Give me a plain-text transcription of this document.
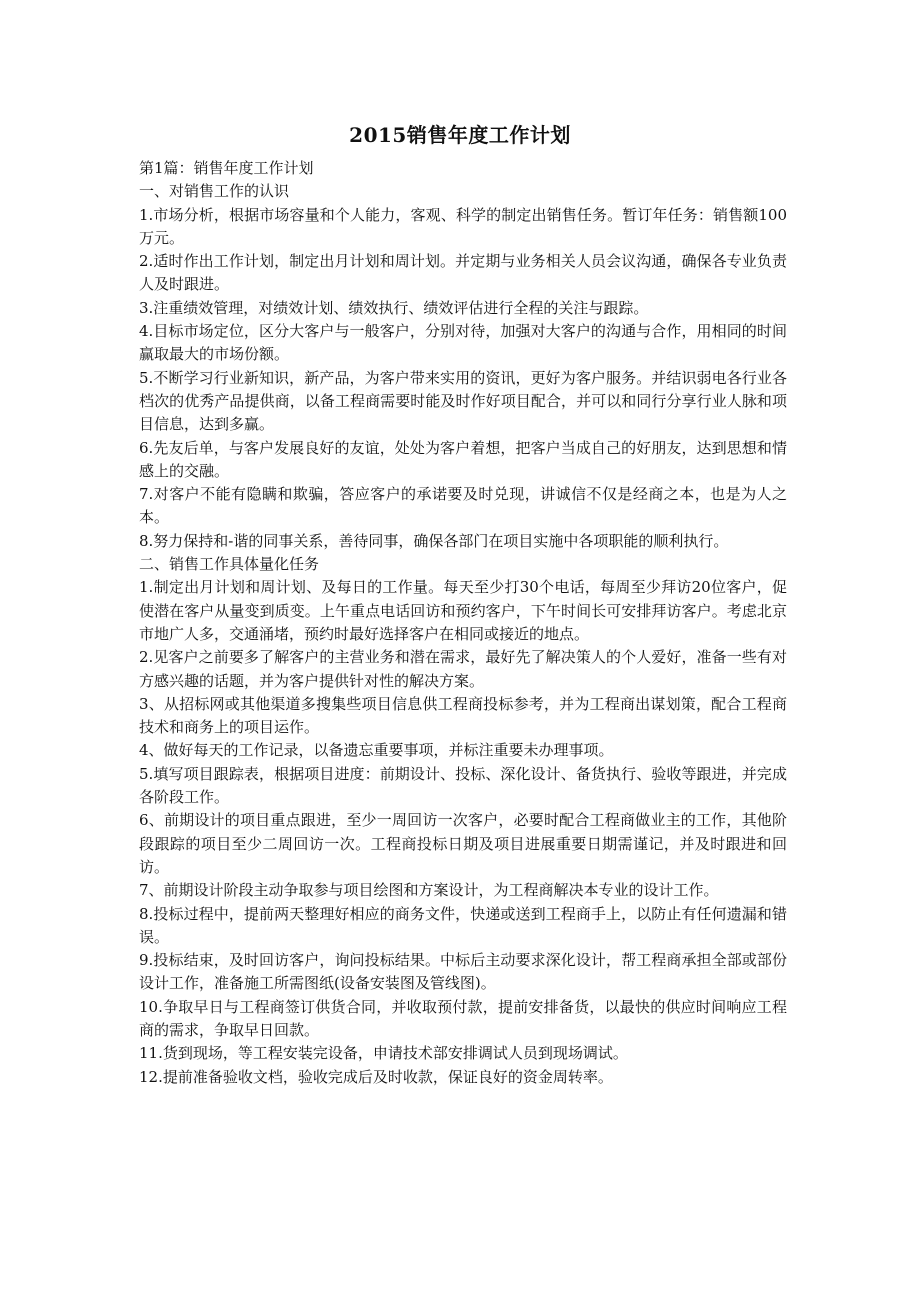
2015销售年度工作计划

第1篇：销售年度工作计划

一、对销售工作的认识

1.市场分析，根据市场容量和个人能力，客观、科学的制定出销售任务。暂订年任务：销售额100万元。

2.适时作出工作计划，制定出月计划和周计划。并定期与业务相关人员会议沟通，确保各专业负责人及时跟进。

3.注重绩效管理，对绩效计划、绩效执行、绩效评估进行全程的关注与跟踪。

4.目标市场定位，区分大客户与一般客户，分别对待，加强对大客户的沟通与合作，用相同的时间赢取最大的市场份额。

5.不断学习行业新知识，新产品，为客户带来实用的资讯，更好为客户服务。并结识弱电各行业各档次的优秀产品提供商，以备工程商需要时能及时作好项目配合，并可以和同行分享行业人脉和项目信息，达到多赢。

6.先友后单，与客户发展良好的友谊，处处为客户着想，把客户当成自己的好朋友，达到思想和情感上的交融。

7.对客户不能有隐瞒和欺骗，答应客户的承诺要及时兑现，讲诚信不仅是经商之本，也是为人之本。

8.努力保持和-谐的同事关系，善待同事，确保各部门在项目实施中各项职能的顺利执行。

二、销售工作具体量化任务

1.制定出月计划和周计划、及每日的工作量。每天至少打30个电话，每周至少拜访20位客户，促使潜在客户从量变到质变。上午重点电话回访和预约客户，下午时间长可安排拜访客户。考虑北京市地广人多，交通涌堵，预约时最好选择客户在相同或接近的地点。

2.见客户之前要多了解客户的主营业务和潜在需求，最好先了解决策人的个人爱好，准备一些有对方感兴趣的话题，并为客户提供针对性的解决方案。

3、从招标网或其他渠道多搜集些项目信息供工程商投标参考，并为工程商出谋划策，配合工程商技术和商务上的项目运作。

4、做好每天的工作记录，以备遗忘重要事项，并标注重要未办理事项。

5.填写项目跟踪表，根据项目进度：前期设计、投标、深化设计、备货执行、验收等跟进，并完成各阶段工作。

6、前期设计的项目重点跟进，至少一周回访一次客户，必要时配合工程商做业主的工作，其他阶段跟踪的项目至少二周回访一次。工程商投标日期及项目进展重要日期需谨记，并及时跟进和回访。

7、前期设计阶段主动争取参与项目绘图和方案设计，为工程商解决本专业的设计工作。

8.投标过程中，提前两天整理好相应的商务文件，快递或送到工程商手上，以防止有任何遗漏和错误。

9.投标结束，及时回访客户，询问投标结果。中标后主动要求深化设计，帮工程商承担全部或部份设计工作，准备施工所需图纸(设备安装图及管线图)。

10.争取早日与工程商签订供货合同，并收取预付款，提前安排备货，以最快的供应时间响应工程商的需求，争取早日回款。

11.货到现场，等工程安装完设备，申请技术部安排调试人员到现场调试。

12.提前准备验收文档，验收完成后及时收款，保证良好的资金周转率。
